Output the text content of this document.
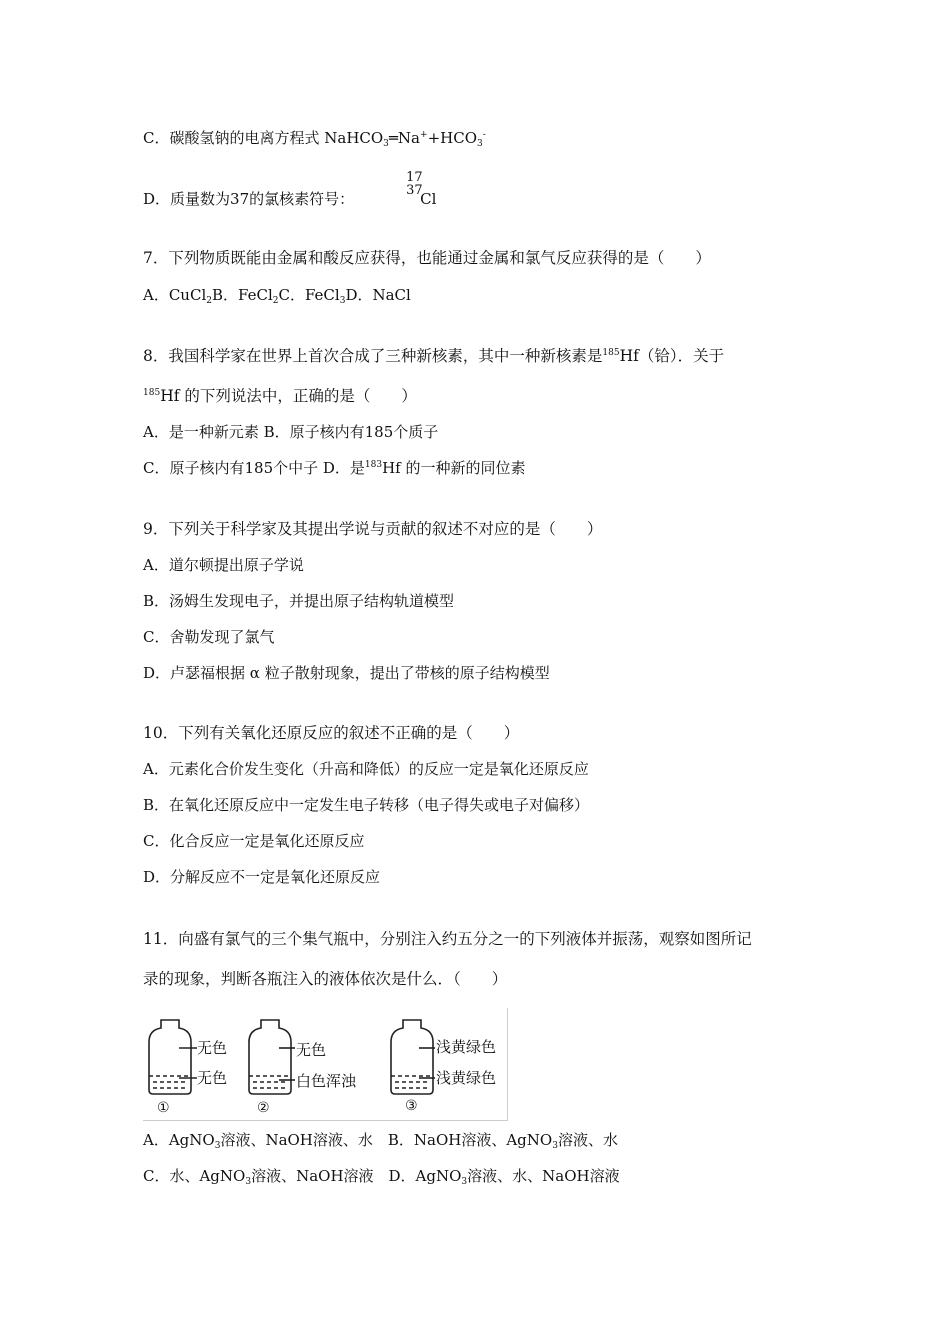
C．碳酸氢钠的电离方程式 $NaHCO_3═Na^++HCO_3^-$
D．质量数为37的氯核素符号：
17
37
Cl
7．下列物质既能由金属和酸反应获得，也能通过金属和氯气反应获得的是（　　）
A．CuCl$_2$B．FeCl$_2$C．FeCl$_3$D．NaCl
8．我国科学家在世界上首次合成了三种新核素，其中一种新核素是$^{185}$Hf（铪）．关于
$^{185}$Hf 的下列说法中，正确的是（　　）
A．是一种新元素 B．原子核内有185个质子
C．原子核内有185个中子 D．是$^{183}$Hf 的一种新的同位素
9．下列关于科学家及其提出学说与贡献的叙述不对应的是（　　）
A．道尔顿提出原子学说
B．汤姆生发现电子，并提出原子结构轨道模型
C．舍勒发现了氯气
D．卢瑟福根据 α 粒子散射现象，提出了带核的原子结构模型
10．下列有关氧化还原反应的叙述不正确的是（　　）
A．元素化合价发生变化（升高和降低）的反应一定是氧化还原反应
B．在氧化还原反应中一定发生电子转移（电子得失或电子对偏移）
C．化合反应一定是氧化还原反应
D．分解反应不一定是氧化还原反应
11．向盛有氯气的三个集气瓶中，分别注入约五分之一的下列液体并振荡，观察如图所记
录的现象，判断各瓶注入的液体依次是什么．（　　）
无色
无色
无色
白色浑浊
浅黄绿色
浅黄绿色
①	②	③
A．AgNO$_3$溶液、NaOH溶液、水　B．NaOH溶液、AgNO$_3$溶液、水
C．水、AgNO$_3$溶液、NaOH溶液　D．AgNO$_3$溶液、水、NaOH溶液
